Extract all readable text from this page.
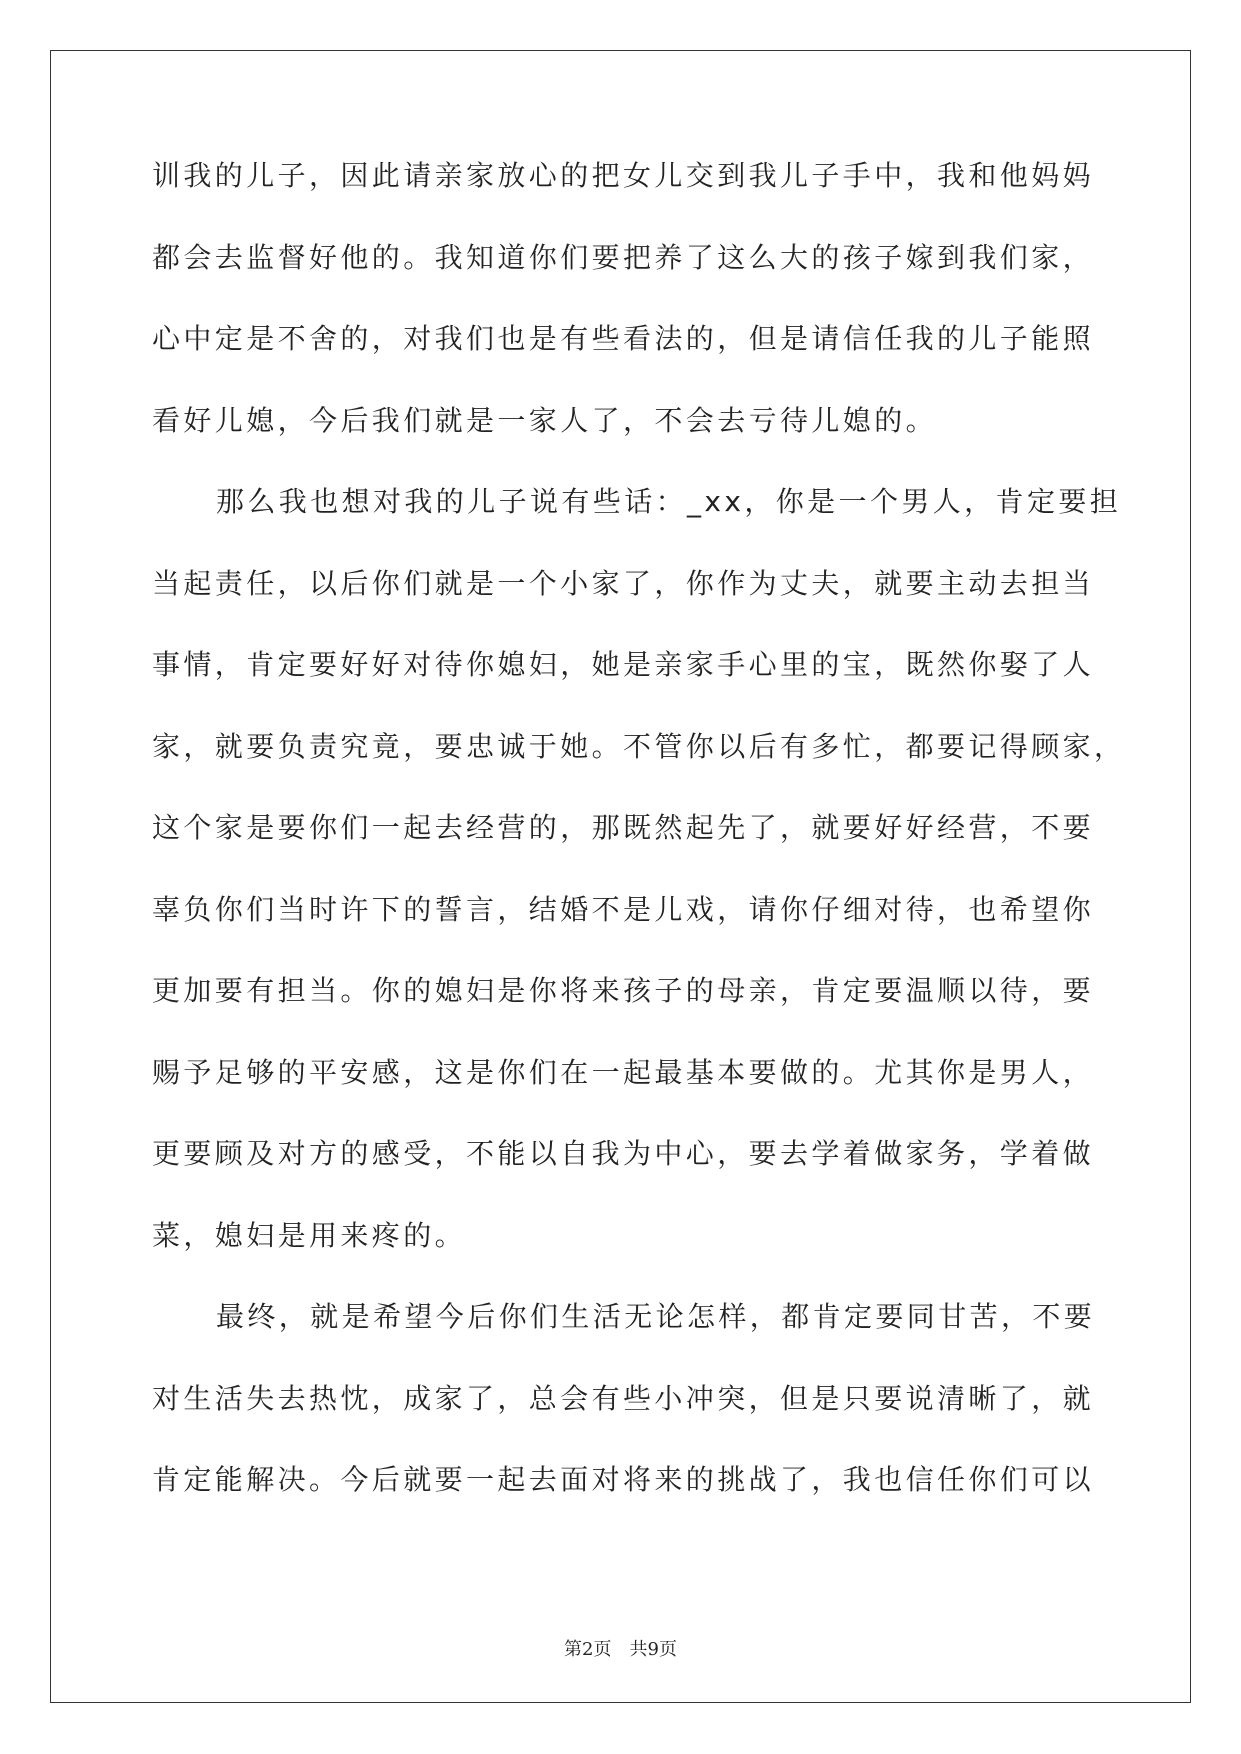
训我的儿子，因此请亲家放心的把女儿交到我儿子手中，我和他妈妈
都会去监督好他的。我知道你们要把养了这么大的孩子嫁到我们家，
心中定是不舍的，对我们也是有些看法的，但是请信任我的儿子能照
看好儿媳，今后我们就是一家人了，不会去亏待儿媳的。
那么我也想对我的儿子说有些话：_xx，你是一个男人，肯定要担
当起责任，以后你们就是一个小家了，你作为丈夫，就要主动去担当
事情，肯定要好好对待你媳妇，她是亲家手心里的宝，既然你娶了人
家，就要负责究竟，要忠诚于她。不管你以后有多忙，都要记得顾家，
这个家是要你们一起去经营的，那既然起先了，就要好好经营，不要
辜负你们当时许下的誓言，结婚不是儿戏，请你仔细对待，也希望你
更加要有担当。你的媳妇是你将来孩子的母亲，肯定要温顺以待，要
赐予足够的平安感，这是你们在一起最基本要做的。尤其你是男人，
更要顾及对方的感受，不能以自我为中心，要去学着做家务，学着做
菜，媳妇是用来疼的。
最终，就是希望今后你们生活无论怎样，都肯定要同甘苦，不要
对生活失去热忱，成家了，总会有些小冲突，但是只要说清晰了，就
肯定能解决。今后就要一起去面对将来的挑战了，我也信任你们可以
第2页 共9页
